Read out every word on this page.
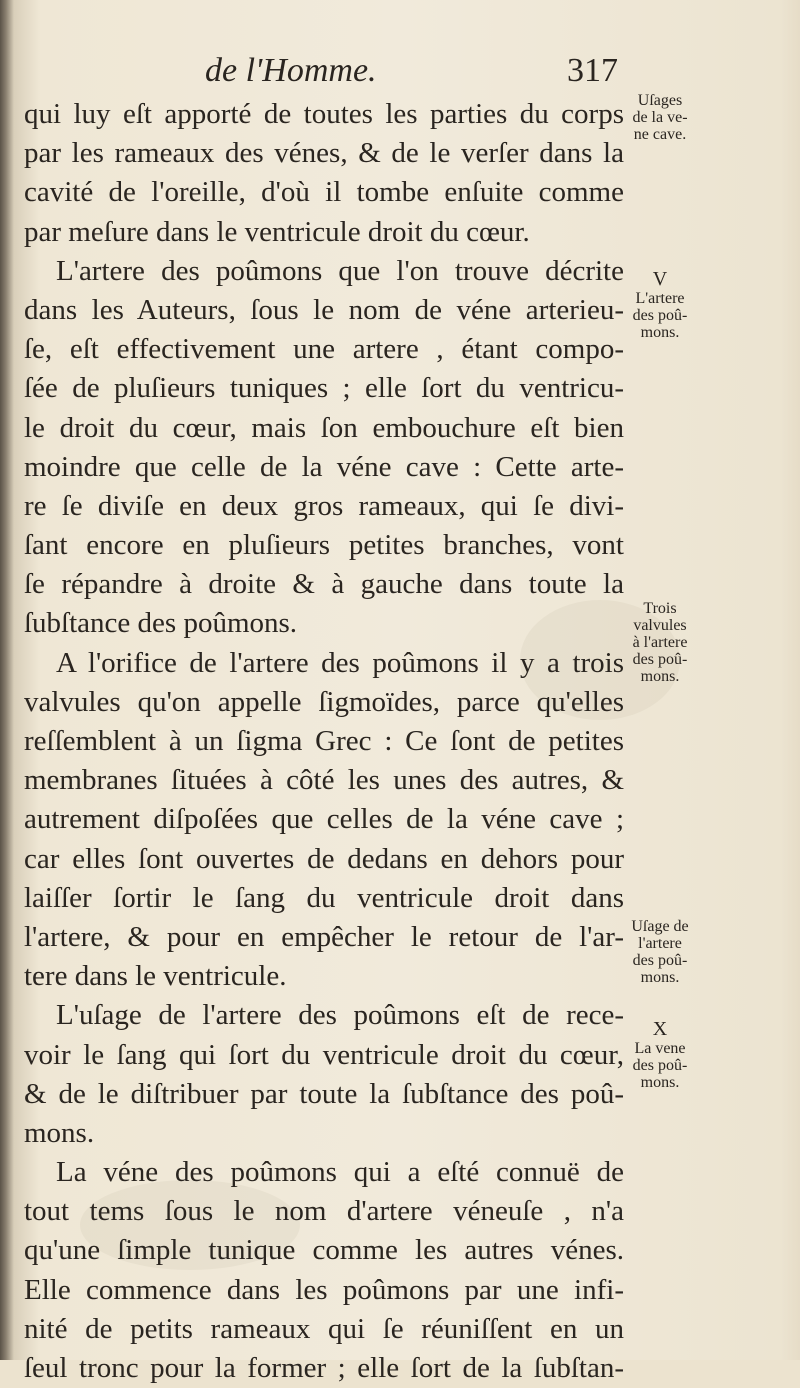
de l'Homme.	317
qui luy eſt apporté de toutes les parties du corps
par les rameaux des vénes, & de le verſer dans la
cavité de l'oreille, d'où il tombe enſuite comme
par meſure dans le ventricule droit du cœur.
L'artere des poûmons que l'on trouve décrite
dans les Auteurs, ſous le nom de véne arterieu-
ſe, eſt effectivement une artere , étant compo-
ſée de pluſieurs tuniques ; elle ſort du ventricu-
le droit du cœur, mais ſon embouchure eſt bien
moindre que celle de la véne cave : Cette arte-
re ſe diviſe en deux gros rameaux, qui ſe divi-
ſant encore en pluſieurs petites branches, vont
ſe répandre à droite & à gauche dans toute la
ſubſtance des poûmons.
A l'orifice de l'artere des poûmons il y a trois
valvules qu'on appelle ſigmoïdes, parce qu'elles
reſſemblent à un ſigma Grec : Ce ſont de petites
membranes ſituées à côté les unes des autres, &
autrement diſpoſées que celles de la véne cave ;
car elles ſont ouvertes de dedans en dehors pour
laiſſer ſortir le ſang du ventricule droit dans
l'artere, & pour en empêcher le retour de l'ar-
tere dans le ventricule.
L'uſage de l'artere des poûmons eſt de rece-
voir le ſang qui ſort du ventricule droit du cœur,
& de le diſtribuer par toute la ſubſtance des poû-
mons.
La véne des poûmons qui a eſté connuë de
tout tems ſous le nom d'artere véneuſe , n'a
qu'une ſimple tunique comme les autres vénes.
Elle commence dans les poûmons par une infi-
nité de petits rameaux qui ſe réuniſſent en un
ſeul tronc pour la former ; elle ſort de la ſubſtan-
Uſages
de la ve-
ne cave.
V
L'artere
des poû-
mons.
Trois
valvules
à l'artere
des poû-
mons.
Uſage de
l'artere
des poû-
mons.
X
La vene
des poû-
mons.
